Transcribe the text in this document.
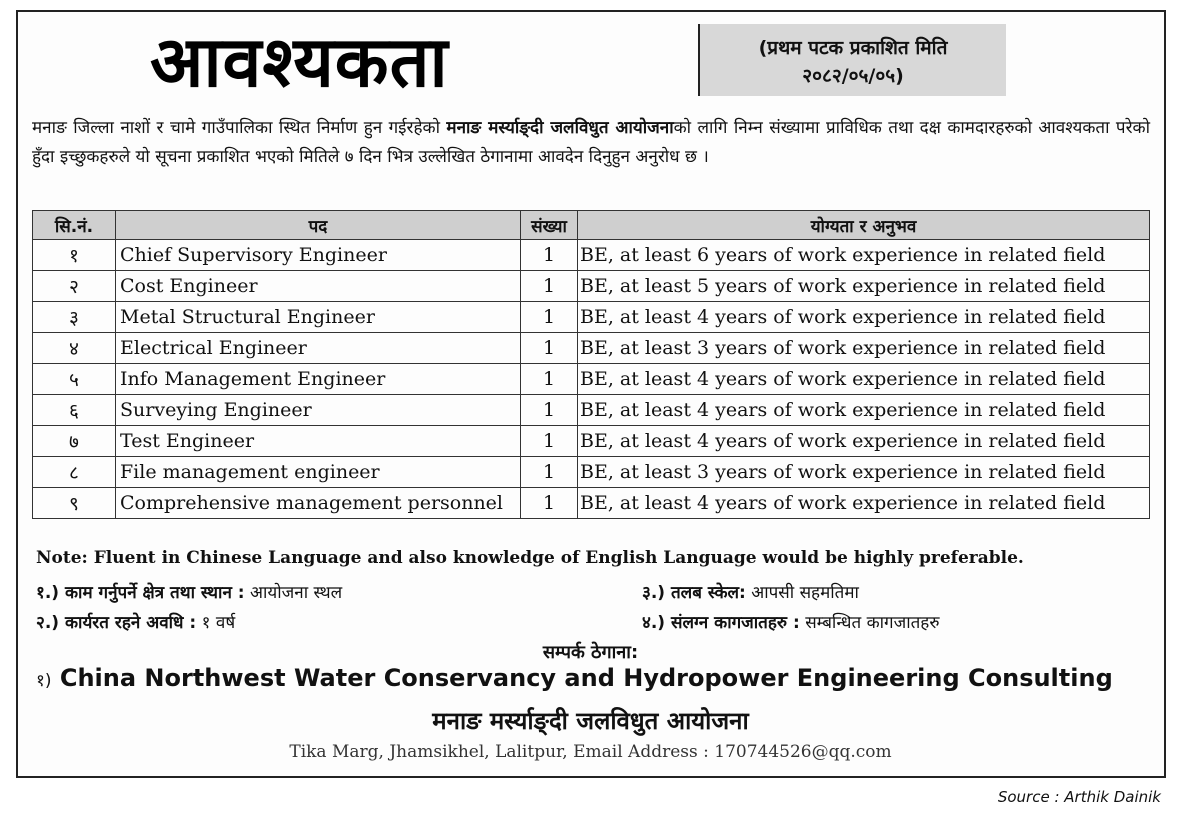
आवश्यकता	(प्रथम पटक प्रकाशित मिति
२०८२/०५/०५)
मनाङ जिल्ला नाशों र चामे गाउँपालिका स्थित निर्माण हुन गईरहेको मनाङ मर्स्याङ्दी जलविधुत आयोजनाको लागि निम्न संख्यामा प्राविधिक तथा दक्ष कामदारहरुको आवश्यकता परेको हुँदा इच्छुकहरुले यो सूचना प्रकाशित भएको मितिले ७ दिन भित्र उल्लेखित ठेगानामा आवदेन दिनुहुन अनुरोध छ ।
सि.नं.	पद	संख्या	योग्यता र अनुभव
१	Chief Supervisory Engineer	1	BE, at least 6 years of work experience in related field
२	Cost Engineer	1	BE, at least 5 years of work experience in related field
३	Metal Structural Engineer	1	BE, at least 4 years of work experience in related field
४	Electrical Engineer	1	BE, at least 3 years of work experience in related field
५	Info Management Engineer	1	BE, at least 4 years of work experience in related field
६	Surveying Engineer	1	BE, at least 4 years of work experience in related field
७	Test Engineer	1	BE, at least 4 years of work experience in related field
८	File management engineer	1	BE, at least 3 years of work experience in related field
९	Comprehensive management personnel	1	BE, at least 4 years of work experience in related field
Note: Fluent in Chinese Language and also knowledge of English Language would be highly preferable.
१.) काम गर्नुपर्ने क्षेत्र तथा स्थान : आयोजना स्थल
२.) कार्यरत रहने अवधि : १ वर्ष
३.) तलब स्केल: आपसी सहमतिमा
४.) संलग्न कागजातहरु : सम्बन्धित कागजातहरु
सम्पर्क ठेगाना:
१) China Northwest Water Conservancy and Hydropower Engineering Consulting
मनाङ मर्स्याङ्दी जलविधुत आयोजना
Tika Marg, Jhamsikhel, Lalitpur, Email Address : 170744526@qq.com
Source : Arthik Dainik
